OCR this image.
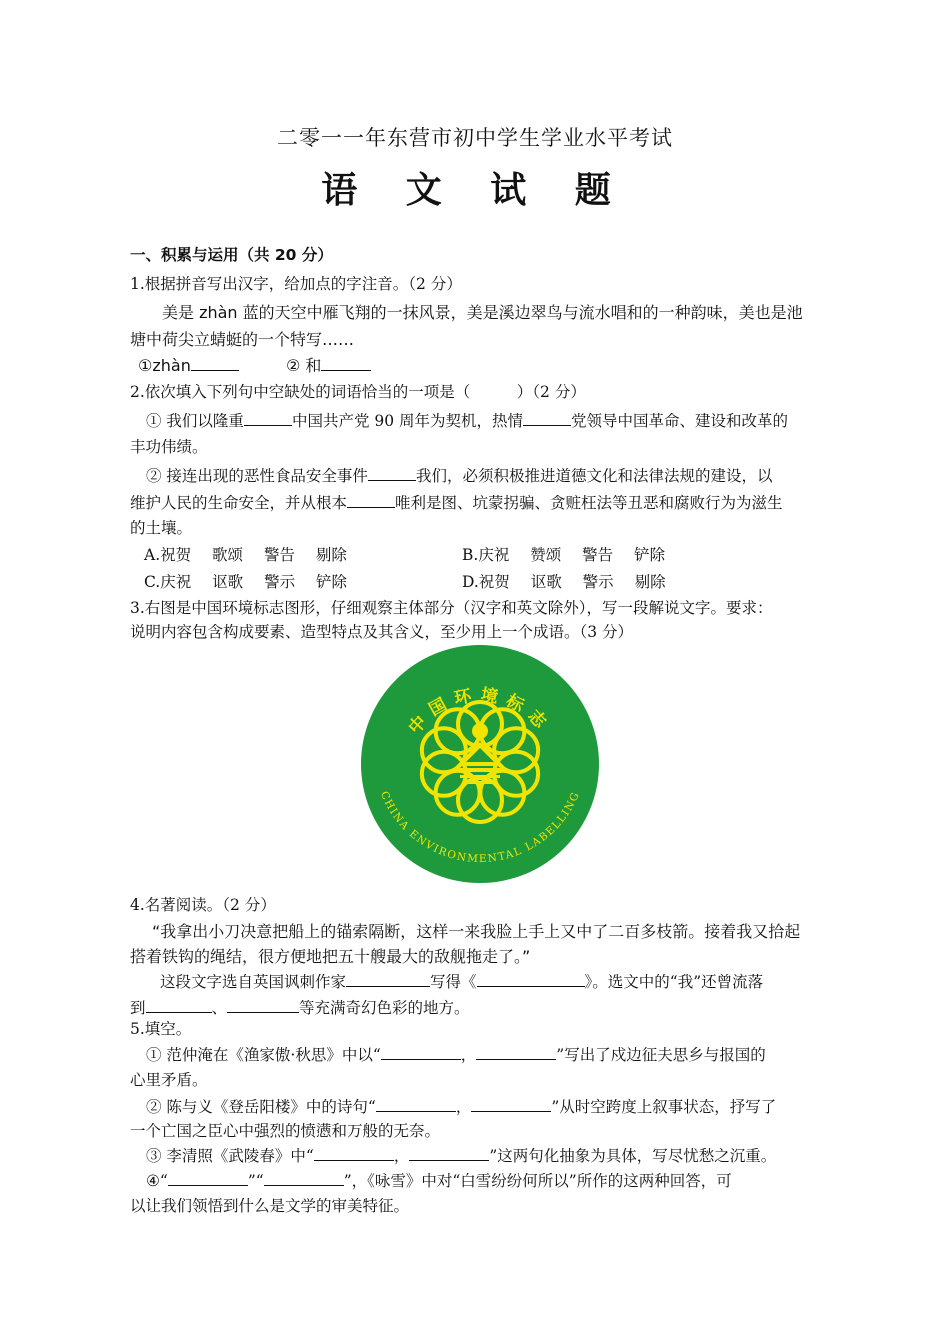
二零一一年东营市初中学生学业水平考试
语 文 试 题
一、积累与运用（共 20 分）
1.根据拼音写出汉字，给加点的字注音。（2 分）
美是 zhàn 蓝的天空中雁飞翔的一抹风景，美是溪边翠鸟与流水唱和的一种韵味，美也是池
塘中荷尖立蜻蜓的一个特写……
①zhàn	② 和
2.依次填入下列句中空缺处的词语恰当的一项是（　　　）（2 分）
① 我们以隆重	中国共产党 90 周年为契机，热情	党领导中国革命、建设和改革的
丰功伟绩。
② 接连出现的恶性食品安全事件	我们，必须积极推进道德文化和法律法规的建设，以
维护人民的生命安全，并从根本	唯利是图、坑蒙拐骗、贪赃枉法等丑恶和腐败行为为滋生
的土壤。
A.祝贺 歌颂 警告 剔除	B.庆祝 赞颂 警告 铲除
C.庆祝 讴歌 警示 铲除	D.祝贺 讴歌 警示 剔除
3.右图是中国环境标志图形，仔细观察主体部分（汉字和英文除外），写一段解说文字。要求：
说明内容包含构成要素、造型特点及其含义，至少用上一个成语。（3 分）
中国环境标志
CHINA ENVIRONMENTAL LABELLING
4.名著阅读。（2 分）
“我拿出小刀决意把船上的锚索隔断，这样一来我脸上手上又中了二百多枝箭。接着我又拾起
搭着铁钩的绳结，很方便地把五十艘最大的敌舰拖走了。”
这段文字选自英国讽刺作家	写得《	》。选文中的“我”还曾流落
到	、	等充满奇幻色彩的地方。
5.填空。
① 范仲淹在《渔家傲·秋思》中以“	，	”写出了戍边征夫思乡与报国的
心里矛盾。
② 陈与义《登岳阳楼》中的诗句“	，	”从时空跨度上叙事状态，抒写了
一个亡国之臣心中强烈的愤懑和万般的无奈。
③ 李清照《武陵春》中“	，	”这两句化抽象为具体，写尽忧愁之沉重。
④“	”“	”，《咏雪》中对“白雪纷纷何所以”所作的这两种回答，可
以让我们领悟到什么是文学的审美特征。
